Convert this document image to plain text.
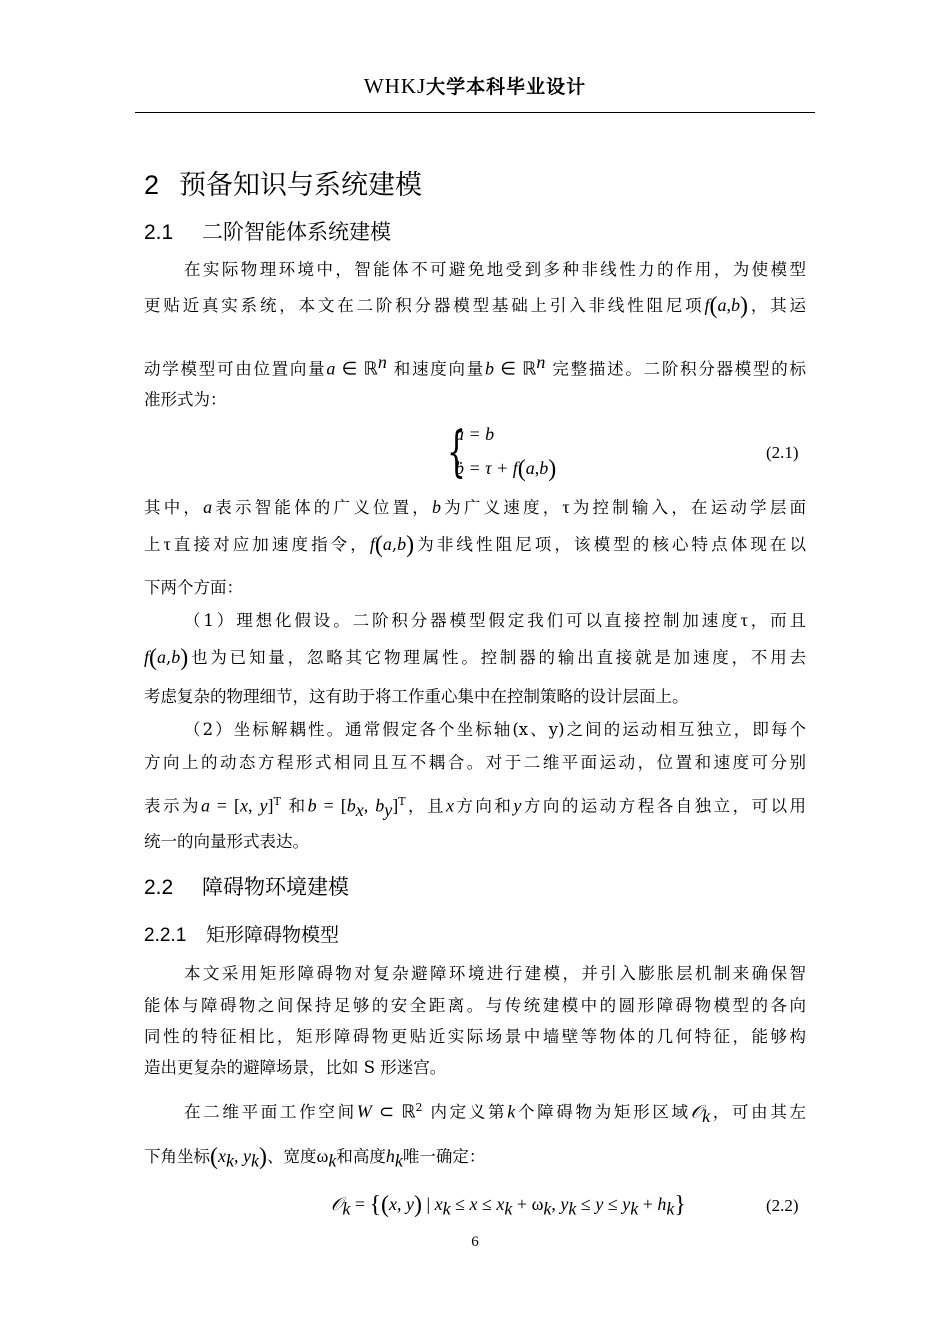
WHKJ大学本科毕业设计
2 预备知识与系统建模
2.1 二阶智能体系统建模
在实际物理环境中，智能体不可避免地受到多种非线性力的作用，为使模型
更贴近真实系统，本文在二阶积分器模型基础上引入非线性阻尼项f(a,b)，其运
动学模型可由位置向量a ∈ ℝ$^n$ 和速度向量b ∈ ℝ$^n$ 完整描述。二阶积分器模型的标
准形式为：
{
ȧ = b
ḃ = τ + f(a,b)
(2.1)
其中，a表示智能体的广义位置，b为广义速度，τ为控制输入，在运动学层面
上τ直接对应加速度指令，f(a,b)为非线性阻尼项，该模型的核心特点体现在以
下两个方面：
（1）理想化假设。二阶积分器模型假定我们可以直接控制加速度τ，而且
f(a,b)也为已知量，忽略其它物理属性。控制器的输出直接就是加速度，不用去
考虑复杂的物理细节，这有助于将工作重心集中在控制策略的设计层面上。
（2）坐标解耦性。通常假定各个坐标轴(x、y)之间的运动相互独立，即每个
方向上的动态方程形式相同且互不耦合。对于二维平面运动，位置和速度可分别
表示为a = [x, y]$^T$ 和$b = [b_x$, $b_y]^T$，且x方向和y方向的运动方程各自独立，可以用
统一的向量形式表达。
2.2 障碍物环境建模
2.2.1 矩形障碍物模型
本文采用矩形障碍物对复杂避障环境进行建模，并引入膨胀层机制来确保智
能体与障碍物之间保持足够的安全距离。与传统建模中的圆形障碍物模型的各向
同性的特征相比，矩形障碍物更贴近实际场景中墙壁等物体的几何特征，能够构
造出更复杂的避障场景，比如 S 形迷宫。
在二维平面工作空间W ⊂ ℝ$^2$ 内定义第k个障碍物为矩形区域𝒪$_k$，可由其左
下角坐标($x_k$, $y_k$)、宽度$\omega_k$和高度$h_k$唯一确定：
𝒪$_k$ = {(x, y) | $x_k \le x \le x_k + \omega_k$, $y_k \le y \le y_k + h_k$}	(2.2)
6
